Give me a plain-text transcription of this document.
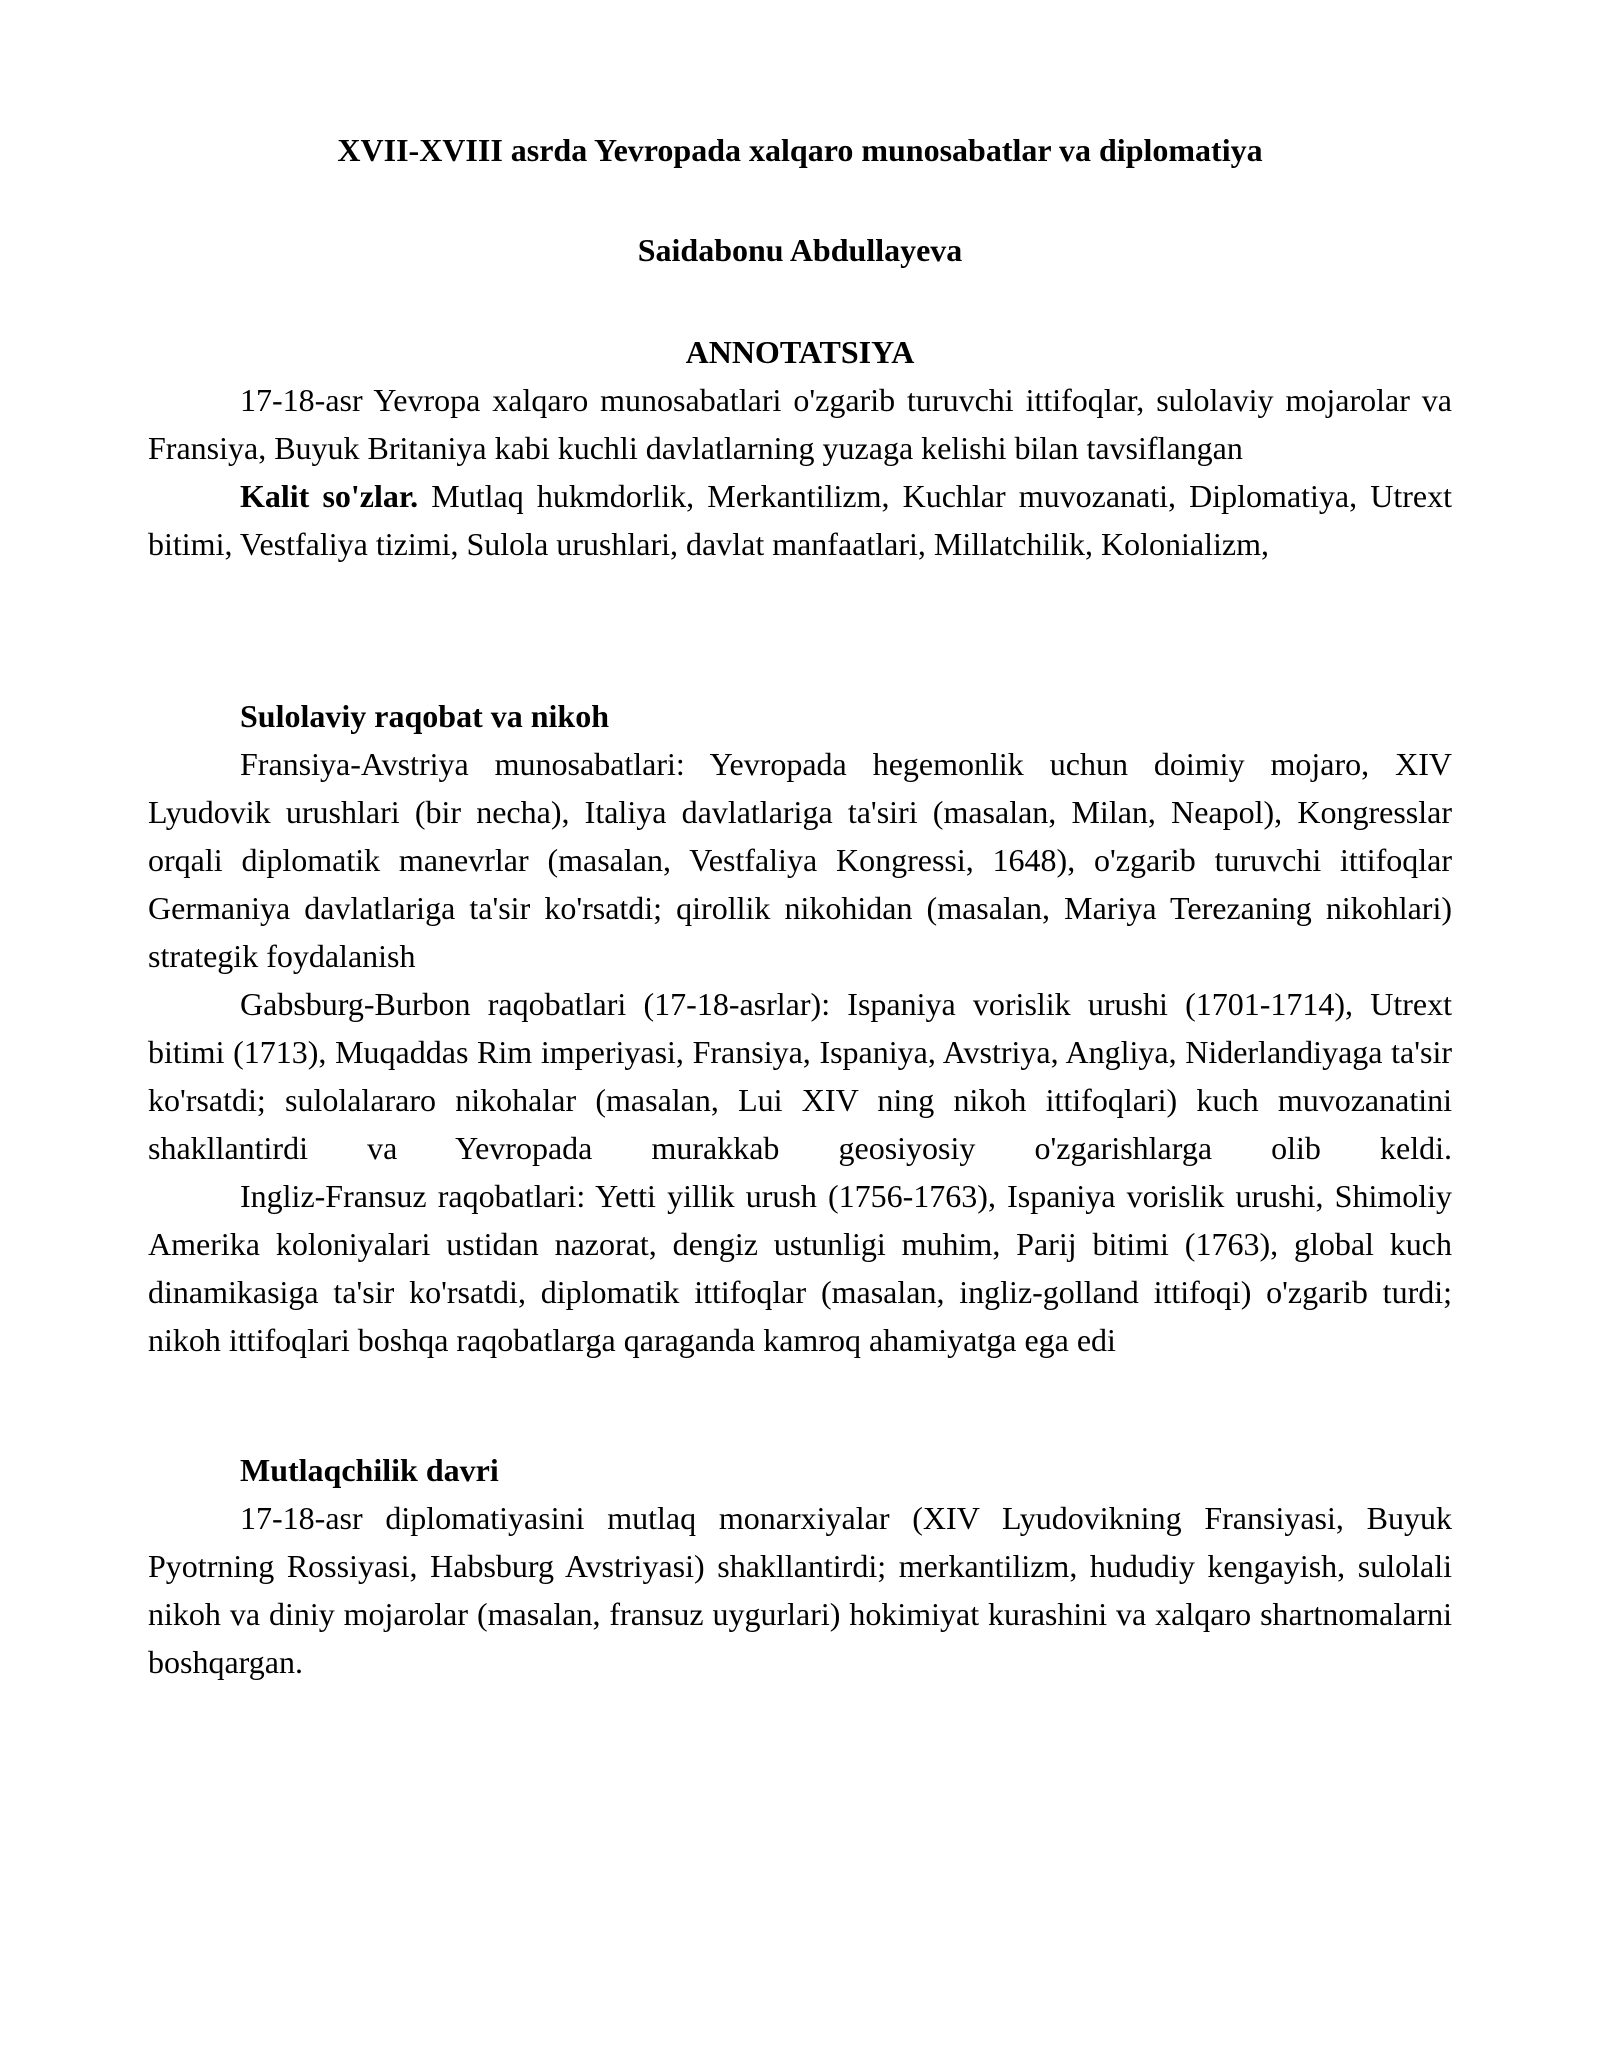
XVII-XVIII asrda Yevropada xalqaro munosabatlar va diplomatiya
Saidabonu Abdullayeva
ANNOTATSIYA

17-18-asr Yevropa xalqaro munosabatlari o'zgarib turuvchi ittifoqlar, sulolaviy mojarolar va Fransiya, Buyuk Britaniya kabi kuchli davlatlarning yuzaga kelishi bilan tavsiflangan

Kalit so'zlar. Mutlaq hukmdorlik, Merkantilizm, Kuchlar muvozanati, Diplomatiya, Utrext bitimi, Vestfaliya tizimi, Sulola urushlari, davlat manfaatlari, Millatchilik, Kolonializm,

Sulolaviy raqobat va nikoh

Fransiya-Avstriya munosabatlari: Yevropada hegemonlik uchun doimiy mojaro, XIV Lyudovik urushlari (bir necha), Italiya davlatlariga ta'siri (masalan, Milan, Neapol), Kongresslar orqali diplomatik manevrlar (masalan, Vestfaliya Kongressi, 1648), o'zgarib turuvchi ittifoqlar Germaniya davlatlariga ta'sir ko'rsatdi; qirollik nikohidan (masalan, Mariya Terezaning nikohlari) strategik foydalanish

Gabsburg-Burbon raqobatlari (17-18-asrlar): Ispaniya vorislik urushi (1701-1714), Utrext bitimi (1713), Muqaddas Rim imperiyasi, Fransiya, Ispaniya, Avstriya, Angliya, Niderlandiyaga ta'sir ko'rsatdi; sulolalararo nikohalar (masalan, Lui XIV ning nikoh ittifoqlari) kuch muvozanatini shakllantirdi va Yevropada murakkab geosiyosiy o'zgarishlarga olib keldi.

Ingliz-Fransuz raqobatlari: Yetti yillik urush (1756-1763), Ispaniya vorislik urushi, Shimoliy Amerika koloniyalari ustidan nazorat, dengiz ustunligi muhim, Parij bitimi (1763), global kuch dinamikasiga ta'sir ko'rsatdi, diplomatik ittifoqlar (masalan, ingliz-golland ittifoqi) o'zgarib turdi; nikoh ittifoqlari boshqa raqobatlarga qaraganda kamroq ahamiyatga ega edi

Mutlaqchilik davri

17-18-asr diplomatiyasini mutlaq monarxiyalar (XIV Lyudovikning Fransiyasi, Buyuk Pyotrning Rossiyasi, Habsburg Avstriyasi) shakllantirdi; merkantilizm, hududiy kengayish, sulolali nikoh va diniy mojarolar (masalan, fransuz uygurlari) hokimiyat kurashini va xalqaro shartnomalarni boshqargan.
